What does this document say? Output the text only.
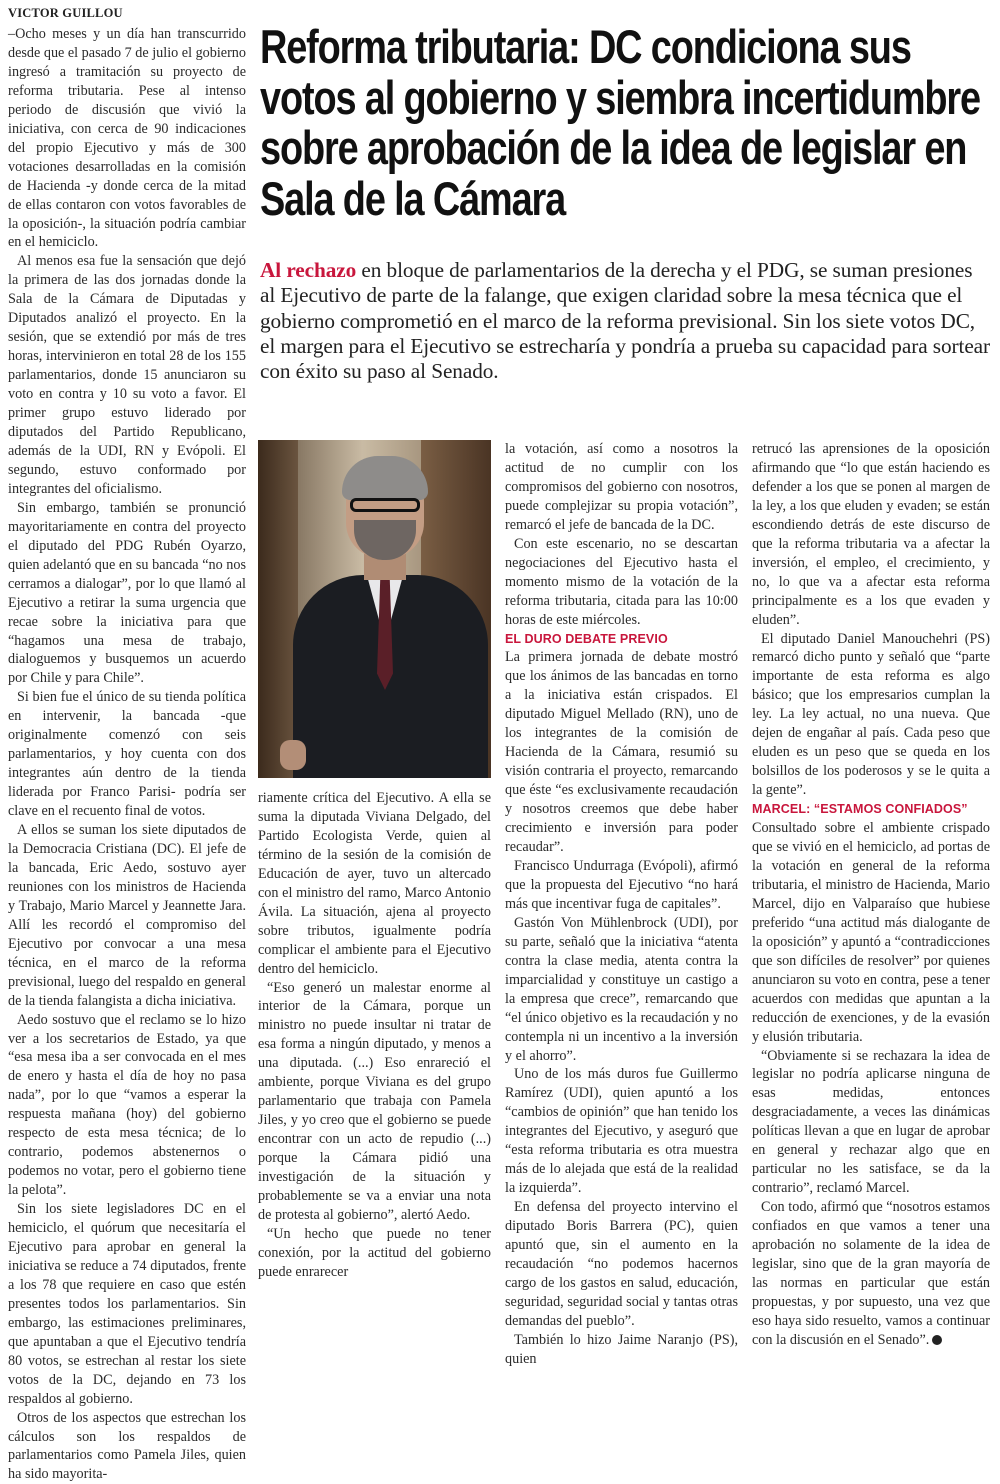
VICTOR GUILLOU
Reforma tributaria: DC condiciona sus votos al gobierno y siembra incertidumbre sobre aprobación de la idea de legislar en Sala de la Cámara

Al rechazo en bloque de parlamentarios de la derecha y el PDG, se suman presiones al Ejecutivo de parte de la falange, que exigen claridad sobre la mesa técnica que el gobierno comprometió en el marco de la reforma previsional. Sin los siete votos DC, el margen para el Ejecutivo se estrecharía y pondría a prueba su capacidad para sortear con éxito su paso al Senado.

–Ocho meses y un día han transcurrido desde que el pasado 7 de julio el gobierno ingresó a tramitación su proyecto de reforma tributaria. Pese al intenso periodo de discusión que vivió la iniciativa, con cerca de 90 indicaciones del propio Ejecutivo y más de 300 votaciones desarrolladas en la comisión de Hacienda -y donde cerca de la mitad de ellas contaron con votos favorables de la oposición-, la situación podría cambiar en el hemiciclo.

Al menos esa fue la sensación que dejó la primera de las dos jornadas donde la Sala de la Cámara de Diputadas y Diputados analizó el proyecto. En la sesión, que se extendió por más de tres horas, intervinieron en total 28 de los 155 parlamentarios, donde 15 anunciaron su voto en contra y 10 su voto a favor. El primer grupo estuvo liderado por diputados del Partido Republicano, además de la UDI, RN y Evópoli. El segundo, estuvo conformado por integrantes del oficialismo.

Sin embargo, también se pronunció mayoritariamente en contra del proyecto el diputado del PDG Rubén Oyarzo, quien adelantó que en su bancada “no nos cerramos a dialogar”, por lo que llamó al Ejecutivo a retirar la suma urgencia que recae sobre la iniciativa para que “hagamos una mesa de trabajo, dialoguemos y busquemos un acuerdo por Chile y para Chile”.

Si bien fue el único de su tienda política en intervenir, la bancada -que originalmente comenzó con seis parlamentarios, y hoy cuenta con dos integrantes aún dentro de la tienda liderada por Franco Parisi- podría ser clave en el recuento final de votos.

A ellos se suman los siete diputados de la Democracia Cristiana (DC). El jefe de la bancada, Eric Aedo, sostuvo ayer reuniones con los ministros de Hacienda y Trabajo, Mario Marcel y Jeannette Jara. Allí les recordó el compromiso del Ejecutivo por convocar a una mesa técnica, en el marco de la reforma previsional, luego del respaldo en general de la tienda falangista a dicha iniciativa.

Aedo sostuvo que el reclamo se lo hizo ver a los secretarios de Estado, ya que “esa mesa iba a ser convocada en el mes de enero y hasta el día de hoy no pasa nada”, por lo que “vamos a esperar la respuesta mañana (hoy) del gobierno respecto de esta mesa técnica; de lo contrario, podemos abstenernos o podemos no votar, pero el gobierno tiene la pelota”.

Sin los siete legisladores DC en el hemiciclo, el quórum que necesitaría el Ejecutivo para aprobar en general la iniciativa se reduce a 74 diputados, frente a los 78 que requiere en caso que estén presentes todos los parlamentarios. Sin embargo, las estimaciones preliminares, que apuntaban a que el Ejecutivo tendría 80 votos, se estrechan al restar los siete votos de la DC, dejando en 73 los respaldos al gobierno.

Otros de los aspectos que estrechan los cálculos son los respaldos de parlamentarios como Pamela Jiles, quien ha sido mayorita-

riamente crítica del Ejecutivo. A ella se suma la diputada Viviana Delgado, del Partido Ecologista Verde, quien al término de la sesión de la comisión de Educación de ayer, tuvo un altercado con el ministro del ramo, Marco Antonio Ávila. La situación, ajena al proyecto sobre tributos, igualmente podría complicar el ambiente para el Ejecutivo dentro del hemiciclo.

“Eso generó un malestar enorme al interior de la Cámara, porque un ministro no puede insultar ni tratar de esa forma a ningún diputado, y menos a una diputada. (...) Eso enrareció el ambiente, porque Viviana es del grupo parlamentario que trabaja con Pamela Jiles, y yo creo que el gobierno se puede encontrar con un acto de repudio (...) porque la Cámara pidió una investigación de la situación y probablemente se va a enviar una nota de protesta al gobierno”, alertó Aedo.

“Un hecho que puede no tener conexión, por la actitud del gobierno puede enrarecer

la votación, así como a nosotros la actitud de no cumplir con los compromisos del gobierno con nosotros, puede complejizar su propia votación”, remarcó el jefe de bancada de la DC.

Con este escenario, no se descartan negociaciones del Ejecutivo hasta el momento mismo de la votación de la reforma tributaria, citada para las 10:00 horas de este miércoles.

EL DURO DEBATE PREVIO

La primera jornada de debate mostró que los ánimos de las bancadas en torno a la iniciativa están crispados. El diputado Miguel Mellado (RN), uno de los integrantes de la comisión de Hacienda de la Cámara, resumió su visión contraria el proyecto, remarcando que éste “es exclusivamente recaudación y nosotros creemos que debe haber crecimiento e inversión para poder recaudar”.

Francisco Undurraga (Evópoli), afirmó que la propuesta del Ejecutivo “no hará más que incentivar fuga de capitales”.

Gastón Von Mühlenbrock (UDI), por su parte, señaló que la iniciativa “atenta contra la clase media, atenta contra la imparcialidad y constituye un castigo a la empresa que crece”, remarcando que “el único objetivo es la recaudación y no contempla ni un incentivo a la inversión y el ahorro”.

Uno de los más duros fue Guillermo Ramírez (UDI), quien apuntó a los “cambios de opinión” que han tenido los integrantes del Ejecutivo, y aseguró que “esta reforma tributaria es otra muestra más de lo alejada que está de la realidad la izquierda”.

En defensa del proyecto intervino el diputado Boris Barrera (PC), quien apuntó que, sin el aumento en la recaudación “no podemos hacernos cargo de los gastos en salud, educación, seguridad, seguridad social y tantas otras demandas del pueblo”.

También lo hizo Jaime Naranjo (PS), quien

retrucó las aprensiones de la oposición afirmando que “lo que están haciendo es defender a los que se ponen al margen de la ley, a los que eluden y evaden; se están escondiendo detrás de este discurso de que la reforma tributaria va a afectar la inversión, el empleo, el crecimiento, y no, lo que va a afectar esta reforma principalmente es a los que evaden y eluden”.

El diputado Daniel Manouchehri (PS) remarcó dicho punto y señaló que “parte importante de esta reforma es algo básico; que los empresarios cumplan la ley. La ley actual, no una nueva. Que dejen de engañar al país. Cada peso que eluden es un peso que se queda en los bolsillos de los poderosos y se le quita a la gente”.

MARCEL: “ESTAMOS CONFIADOS”

Consultado sobre el ambiente crispado que se vivió en el hemiciclo, ad portas de la votación en general de la reforma tributaria, el ministro de Hacienda, Mario Marcel, dijo en Valparaíso que hubiese preferido “una actitud más dialogante de la oposición” y apuntó a “contradicciones que son difíciles de resolver” por quienes anunciaron su voto en contra, pese a tener acuerdos con medidas que apuntan a la reducción de exenciones, y de la evasión y elusión tributaria.

“Obviamente si se rechazara la idea de legislar no podría aplicarse ninguna de esas medidas, entonces desgraciadamente, a veces las dinámicas políticas llevan a que en lugar de aprobar en general y rechazar algo que en particular no les satisface, se da la contrario”, reclamó Marcel.

Con todo, afirmó que “nosotros estamos confiados en que vamos a tener una aprobación no solamente de la idea de legislar, sino que de la gran mayoría de las normas en particular que están propuestas, y por supuesto, una vez que eso haya sido resuelto, vamos a continuar con la discusión en el Senado”.
